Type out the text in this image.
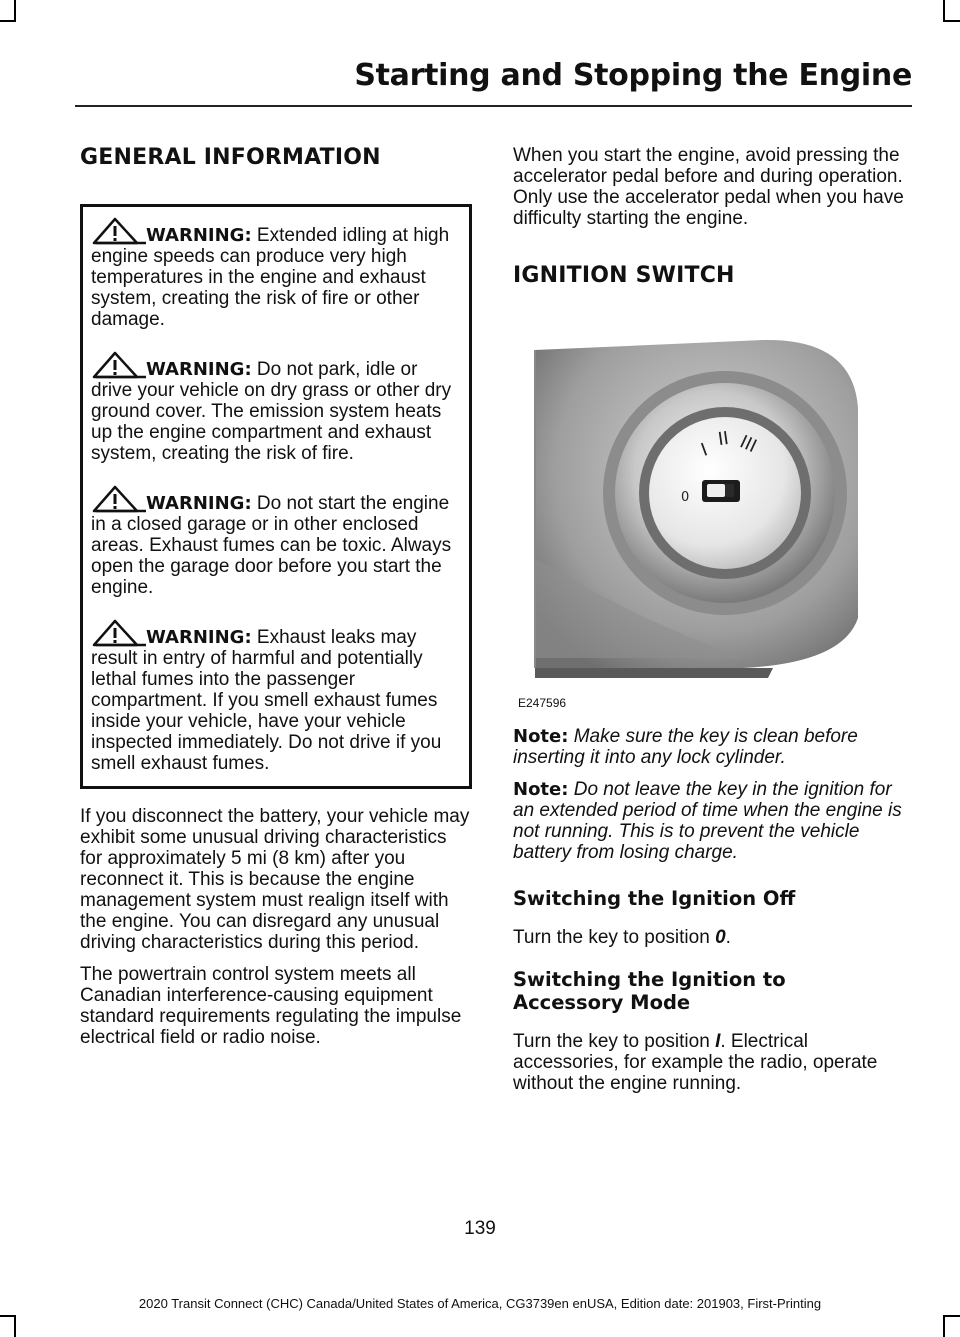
Starting and Stopping the Engine
GENERAL INFORMATION
WARNING: Extended idling at high engine speeds can produce very high temperatures in the engine and exhaust system, creating the risk of fire or other damage.
WARNING: Do not park, idle or drive your vehicle on dry grass or other dry ground cover. The emission system heats up the engine compartment and exhaust system, creating the risk of fire.
WARNING: Do not start the engine in a closed garage or in other enclosed areas. Exhaust fumes can be toxic. Always open the garage door before you start the engine.
WARNING: Exhaust leaks may result in entry of harmful and potentially lethal fumes into the passenger compartment. If you smell exhaust fumes inside your vehicle, have your vehicle inspected immediately. Do not drive if you smell exhaust fumes.

If you disconnect the battery, your vehicle may exhibit some unusual driving characteristics for approximately 5 mi (8 km) after you reconnect it. This is because the engine management system must realign itself with the engine. You can disregard any unusual driving characteristics during this period.

The powertrain control system meets all Canadian interference-causing equipment standard requirements regulating the impulse electrical field or radio noise.

When you start the engine, avoid pressing the accelerator pedal before and during operation. Only use the accelerator pedal when you have difficulty starting the engine.

IGNITION SWITCH
0
I
II III
E247596

Note: Make sure the key is clean before inserting it into any lock cylinder.

Note: Do not leave the key in the ignition for an extended period of time when the engine is not running. This is to prevent the vehicle battery from losing charge.

Switching the Ignition Off

Turn the key to position 0.

Switching the Ignition to Accessory Mode

Turn the key to position I. Electrical accessories, for example the radio, operate without the engine running.

139
2020 Transit Connect (CHC) Canada/United States of America, CG3739en enUSA, Edition date: 201903, First-Printing
